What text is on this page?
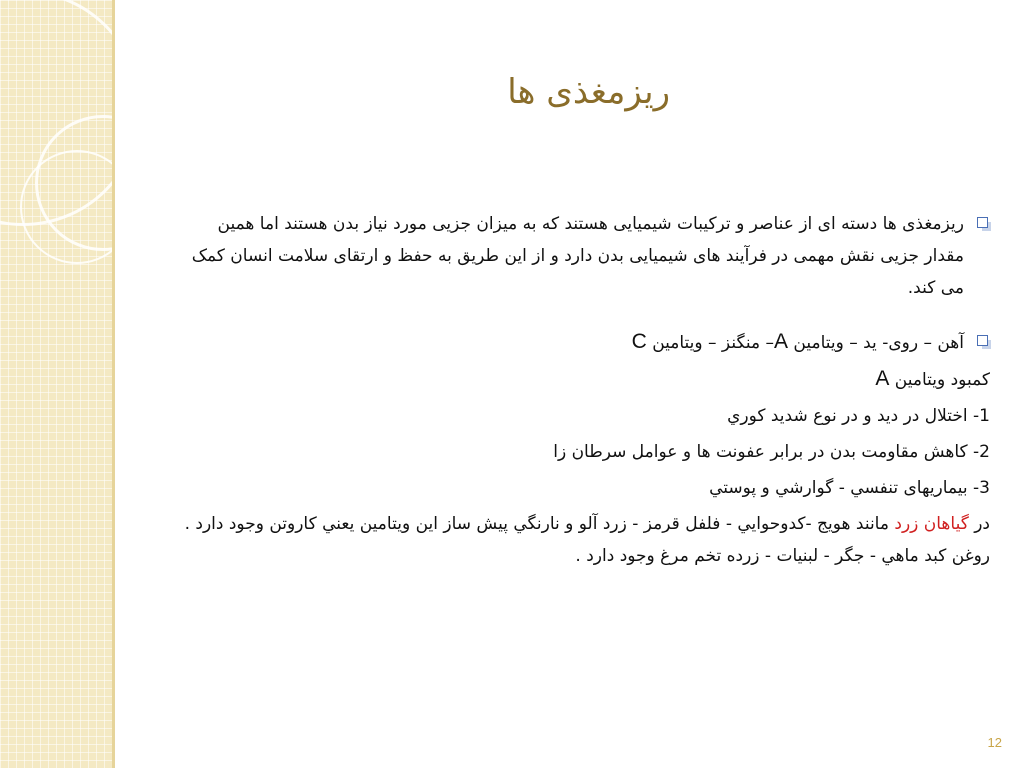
ریزمغذی ها

ریزمغذی ها دسته ای از عناصر و ترکیبات شیمیایی هستند که به میزان جزیی مورد نیاز بدن هستند اما همین مقدار جزیی نقش مهمی در فرآیند های شیمیایی بدن دارد و از این طریق به حفظ و ارتقای سلامت انسان کمک می کند.

آهن – روی- ید – ویتامین A– منگنز – ویتامین C

کمبود ویتامین A

1- اختلال در دید و در نوع شديد كوري

2- کاهش مقاومت بدن در برابر عفونت ها و عوامل سرطان زا

3- بيماريهای تنفسي - گوارشي و پوستي

در گیاهان زرد مانند هويج -كدوحوايي - فلفل قرمز - زرد آلو و نارنگي پيش ساز اين ويتامين يعني كاروتن وجود دارد . روغن كبد ماهي - جگر - لبنيات - زرده تخم مرغ وجود دارد .

12
